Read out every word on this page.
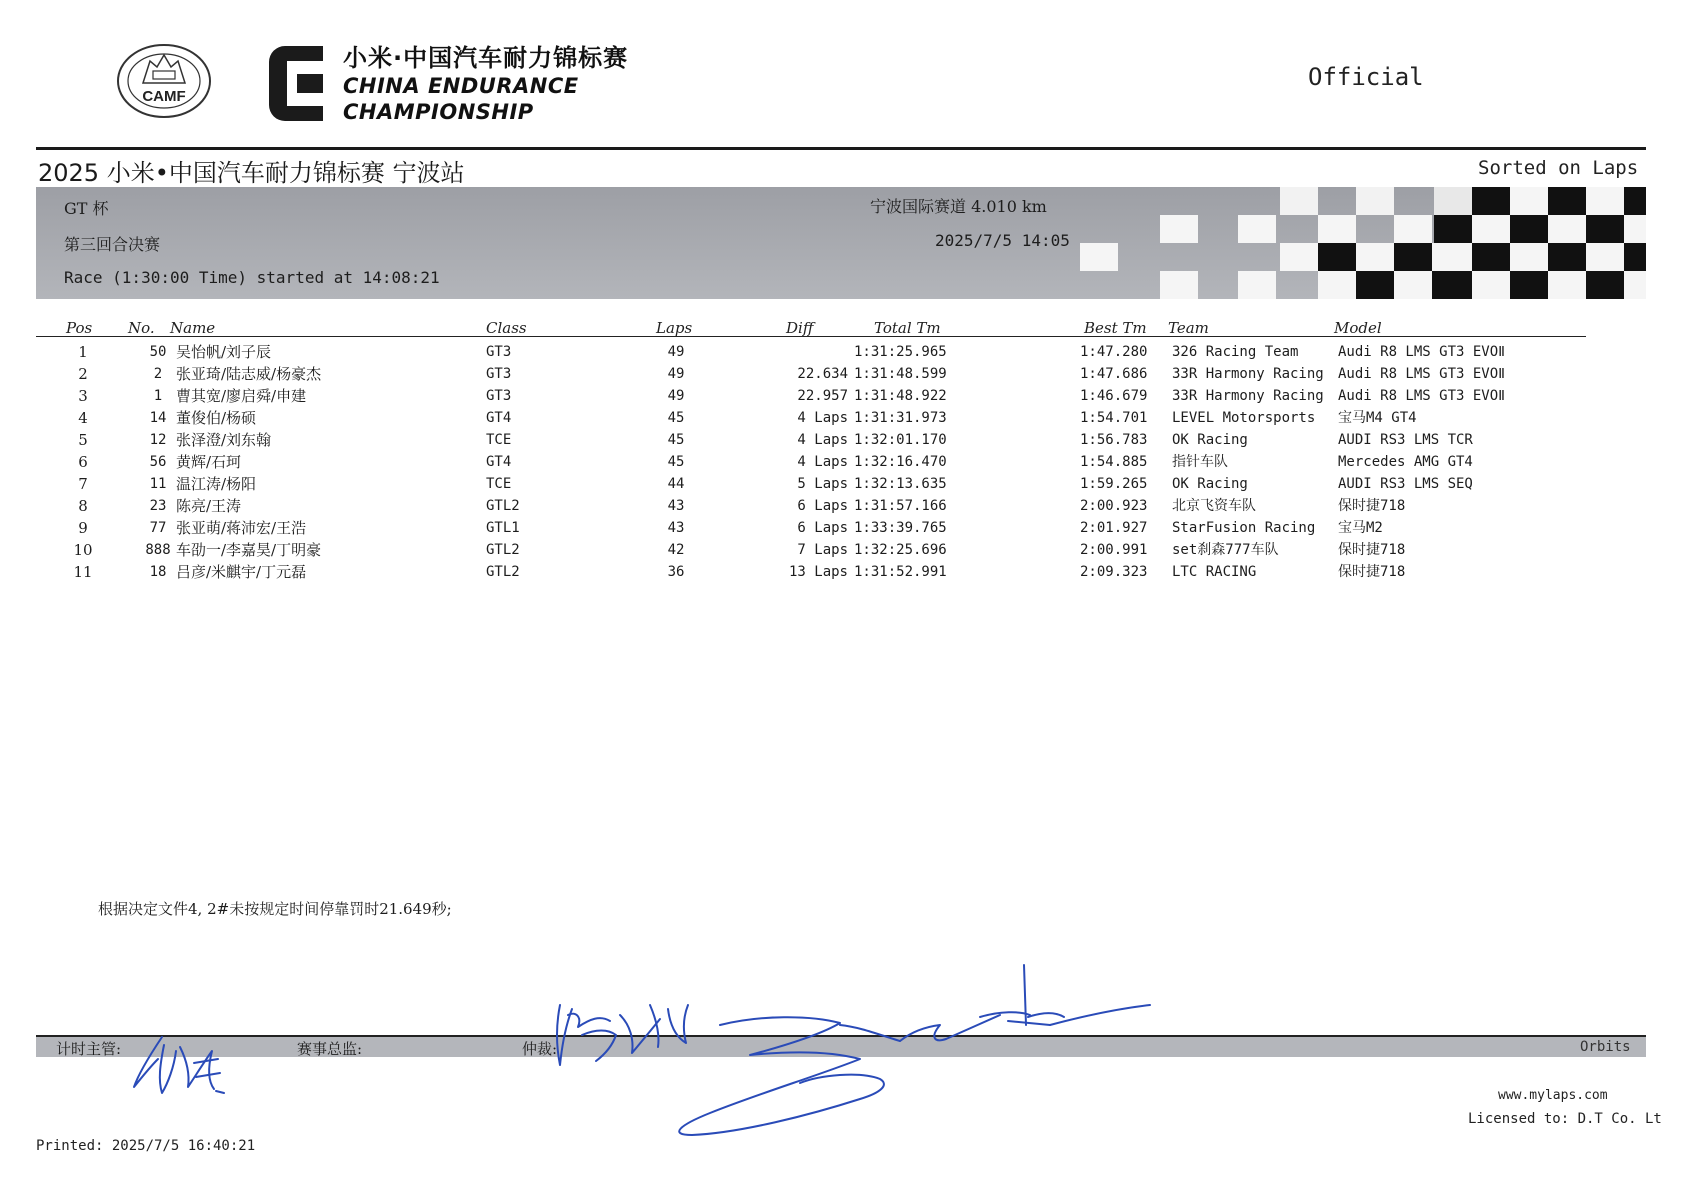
CAMF
小米·中国汽车耐力锦标赛
CHINA ENDURANCE
CHAMPIONSHIP
Official
2025 小米•中国汽车耐力锦标赛 宁波站	Sorted on Laps
GT 杯
第三回合决赛
Race (1:30:00 Time) started at 14:08:21
宁波国际赛道 4.010 km
2025/7/5 14:05
Pos No. Name	Class	Laps	Diff	Total Tm	Best Tm Team	Model
1	50 吴怡帆/刘子辰	GT3	49	1:31:25.965	1:47.280	326 Racing Team	Audi R8 LMS GT3 EVOⅡ
2	2 张亚琦/陆志威/杨豪杰	GT3	49	22.634 1:31:48.599	1:47.686	33R Harmony Racing	Audi R8 LMS GT3 EVOⅡ
3	1 曹其宽/廖启舜/申建	GT3	49	22.957 1:31:48.922	1:46.679	33R Harmony Racing	Audi R8 LMS GT3 EVOⅡ
4	14 董俊伯/杨硕	GT4	45	4 Laps 1:31:31.973	1:54.701	LEVEL Motorsports	宝马M4 GT4
5	12 张泽澄/刘东翰	TCE	45	4 Laps 1:32:01.170	1:56.783	OK Racing	AUDI RS3 LMS TCR
6	56 黄辉/石珂	GT4	45	4 Laps 1:32:16.470	1:54.885	指针车队	Mercedes AMG GT4
7	11 温江涛/杨阳	TCE	44	5 Laps 1:32:13.635	1:59.265	OK Racing	AUDI RS3 LMS SEQ
8	23 陈亮/王涛	GTL2	43	6 Laps 1:31:57.166	2:00.923	北京飞资车队	保时捷718
9	77 张亚萌/蒋沛宏/王浩	GTL1	43	6 Laps 1:33:39.765	2:01.927	StarFusion Racing	宝马M2
10	888 车劭一/李嘉昊/丁明豪	GTL2	42	7 Laps 1:32:25.696	2:00.991	set刹森777车队	保时捷718
11	18 吕彦/米麒宇/丁元磊	GTL2	36	13 Laps 1:31:52.991	2:09.323	LTC RACING	保时捷718
根据决定文件4, 2#未按规定时间停靠罚时21.649秒;
计时主管:	赛事总监:	仲裁:	Orbits
www.mylaps.com
Licensed to: D.T Co. Lt
Printed: 2025/7/5 16:40:21
